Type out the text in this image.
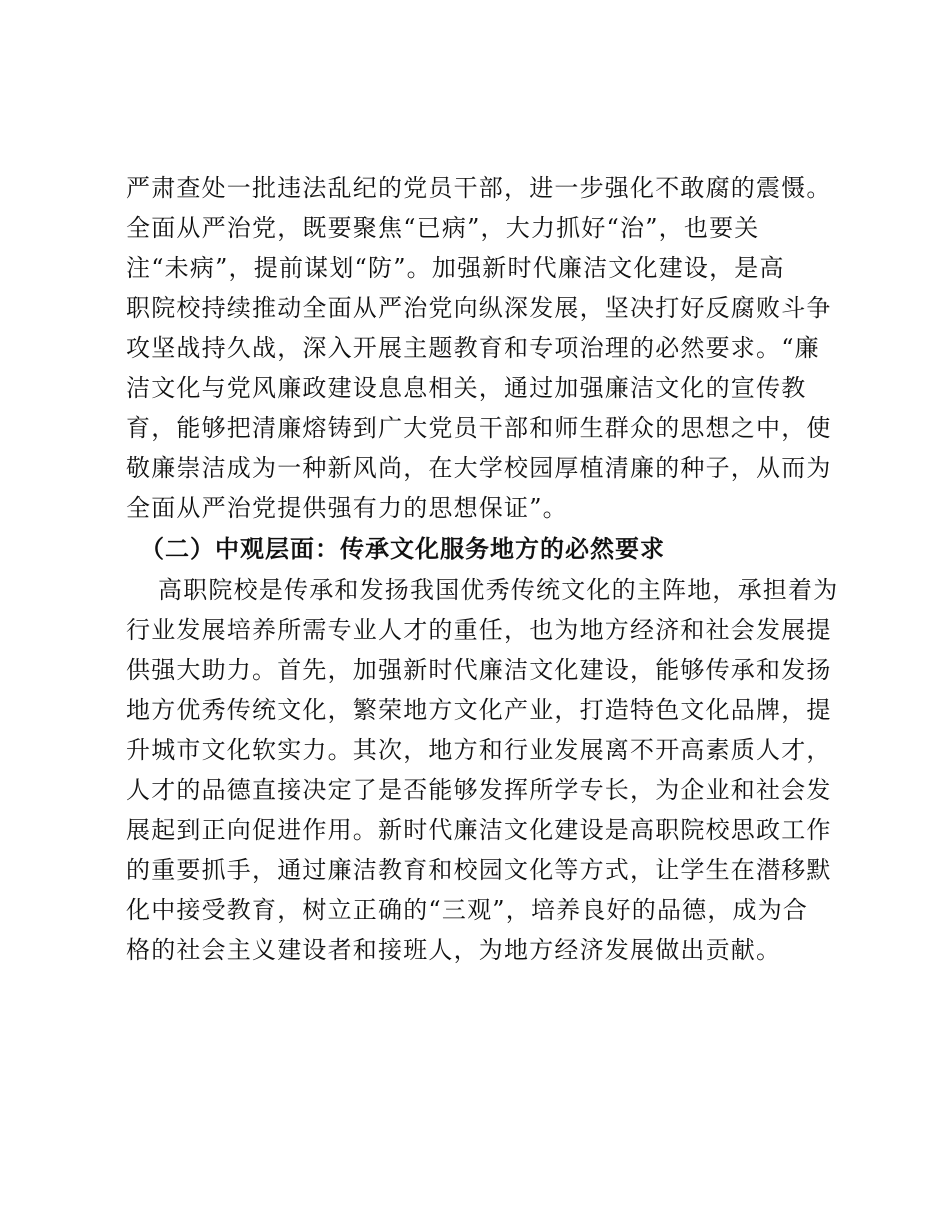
严肃查处一批违法乱纪的党员干部，进一步强化不敢腐的震慑。
全面从严治党，既要聚焦“已病”，大力抓好“治”，也要关
注“未病”，提前谋划“防”。加强新时代廉洁文化建设，是高
职院校持续推动全面从严治党向纵深发展，坚决打好反腐败斗争
攻坚战持久战，深入开展主题教育和专项治理的必然要求。“廉
洁文化与党风廉政建设息息相关，通过加强廉洁文化的宣传教
育，能够把清廉熔铸到广大党员干部和师生群众的思想之中，使
敬廉崇洁成为一种新风尚，在大学校园厚植清廉的种子，从而为
全面从严治党提供强有力的思想保证”。
（二）中观层面：传承文化服务地方的必然要求
高职院校是传承和发扬我国优秀传统文化的主阵地，承担着为
行业发展培养所需专业人才的重任，也为地方经济和社会发展提
供强大助力。首先，加强新时代廉洁文化建设，能够传承和发扬
地方优秀传统文化，繁荣地方文化产业，打造特色文化品牌，提
升城市文化软实力。其次，地方和行业发展离不开高素质人才，
人才的品德直接决定了是否能够发挥所学专长，为企业和社会发
展起到正向促进作用。新时代廉洁文化建设是高职院校思政工作
的重要抓手，通过廉洁教育和校园文化等方式，让学生在潜移默
化中接受教育，树立正确的“三观”，培养良好的品德，成为合
格的社会主义建设者和接班人，为地方经济发展做出贡献。
